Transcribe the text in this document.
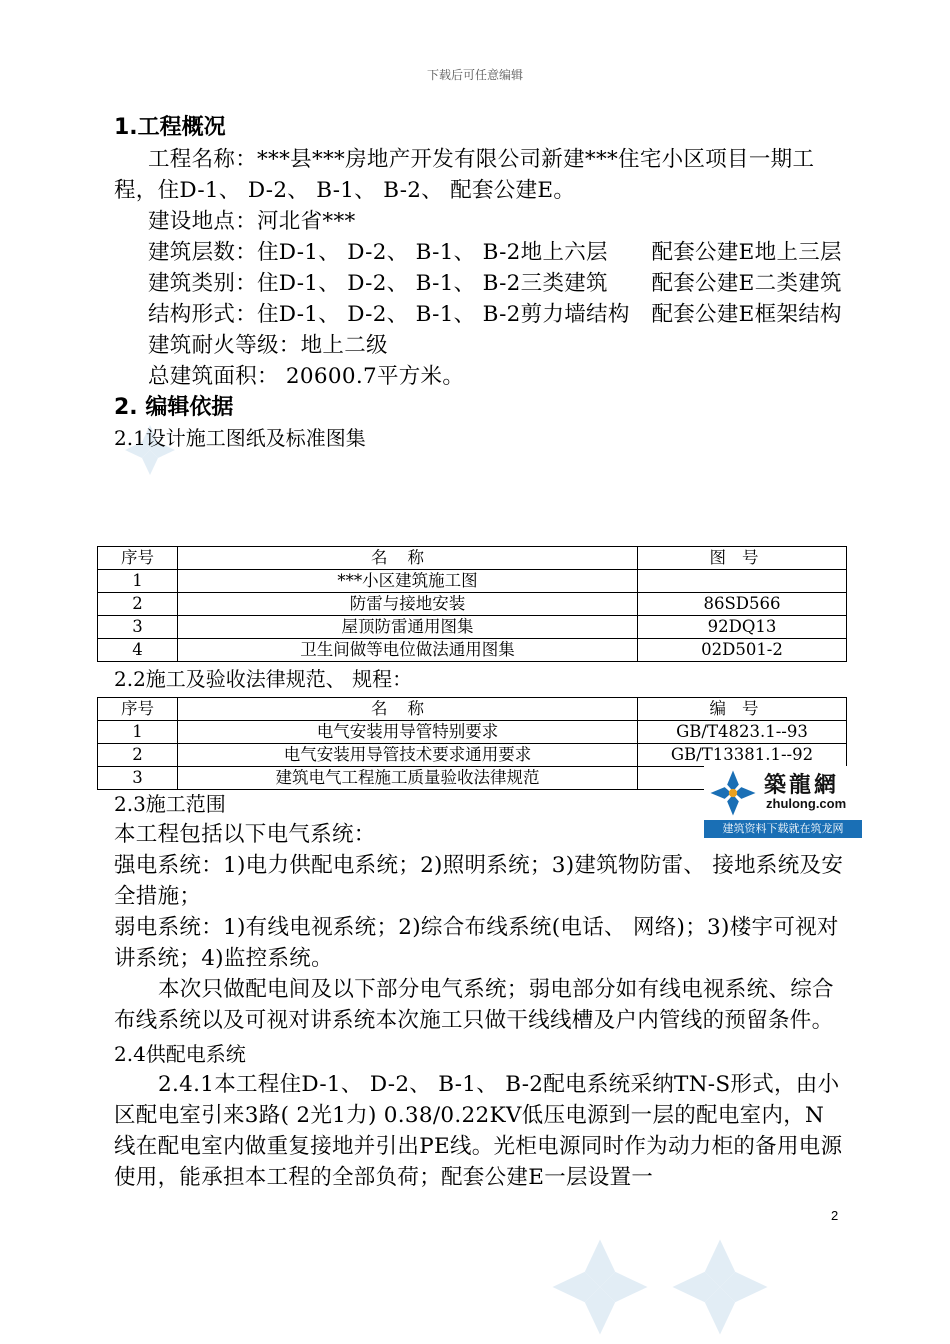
下载后可任意编辑

1.工程概况

工程名称：***县***房地产开发有限公司新建***住宅小区项目一期工程，住D-1、 D-2、 B-1、 B-2、 配套公建E。

建设地点：河北省***

建筑层数：住D-1、 D-2、 B-1、 B-2地上六层　　配套公建E地上三层

建筑类别：住D-1、 D-2、 B-1、 B-2三类建筑　　配套公建E二类建筑

结构形式：住D-1、 D-2、 B-1、 B-2剪力墙结构　配套公建E框架结构

建筑耐火等级：地上二级

总建筑面积： 20600.7平方米。

2. 编辑依据

2.1设计施工图纸及标准图集

序号	名称	图号
1	***小区建筑施工图	
2	防雷与接地安装	86SD566
3	屋顶防雷通用图集	92DQ13
4	卫生间做等电位做法通用图集	02D501-2

2.2施工及验收法律规范、 规程：

序号	名称	编号
1	电气安装用导管特别要求	GB/T4823.1--93
2	电气安装用导管技术要求通用要求	GB/T13381.1--92
3	建筑电气工程施工质量验收法律规范		築龍網
zhulong.com
建筑资料下载就在筑龙网

2.3施工范围

本工程包括以下电气系统：

强电系统：1)电力供配电系统；2)照明系统；3)建筑物防雷、 接地系统及安全措施；

弱电系统：1)有线电视系统；2)综合布线系统(电话、 网络)；3)楼宇可视对讲系统；4)监控系统。

本次只做配电间及以下部分电气系统；弱电部分如有线电视系统、综合布线系统以及可视对讲系统本次施工只做干线线槽及户内管线的预留条件。

2.4供配电系统

2.4.1本工程住D-1、 D-2、 B-1、 B-2配电系统采纳TN-S形式，由小区配电室引来3路( 2光1力) 0.38/0.22KV低压电源到一层的配电室内，N线在配电室内做重复接地并引出PE线。光柜电源同时作为动力柜的备用电源使用，能承担本工程的全部负荷；配套公建E一层设置一

2
